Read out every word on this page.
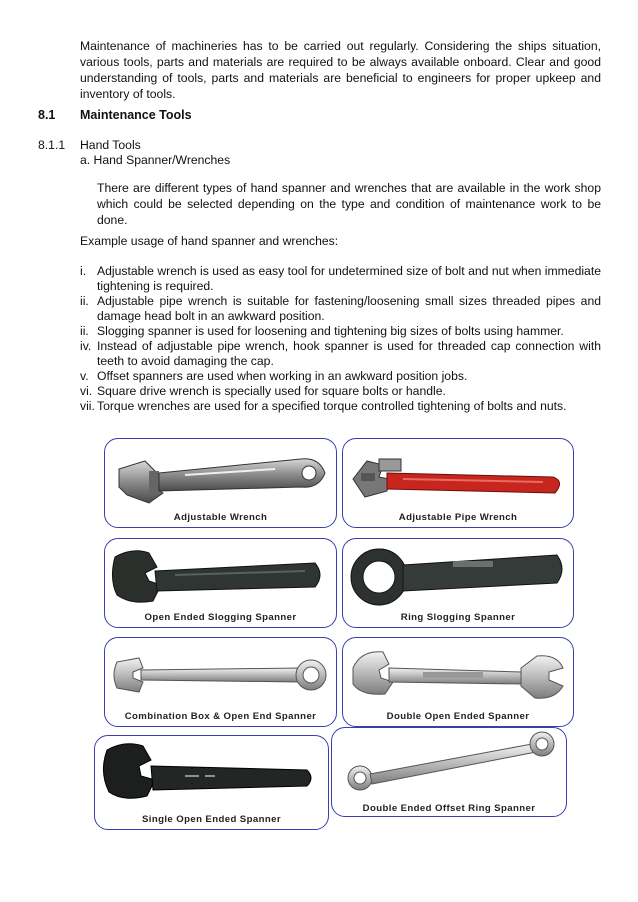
Maintenance of machineries has to be carried out regularly. Considering the ships situation, various tools, parts and materials are required to be always available onboard. Clear and good understanding of tools, parts and materials are beneficial to engineers for proper upkeep and inventory of tools.
8.1 Maintenance Tools
8.1.1 Hand Tools
a. Hand Spanner/Wrenches
There are different types of hand spanner and wrenches that are available in the work shop which could be selected depending on the type and condition of maintenance work to be done.
Example usage of hand spanner and wrenches:
i. Adjustable wrench is used as easy tool for undetermined size of bolt and nut when immediate tightening is required.
ii. Adjustable pipe wrench is suitable for fastening/loosening small sizes threaded pipes and damage head bolt in an awkward position.
ii. Slogging spanner is used for loosening and tightening big sizes of bolts using hammer.
iv. Instead of adjustable pipe wrench, hook spanner is used for threaded cap connection with teeth to avoid damaging the cap.
v. Offset spanners are used when working in an awkward position jobs.
vi. Square drive wrench is specially used for square bolts or handle.
vii. Torque wrenches are used for a specified torque controlled tightening of bolts and nuts.
Adjustable Wrench	Adjustable Pipe Wrench
Open Ended Slogging Spanner	Ring Slogging Spanner
Combination Box & Open End Spanner	Double Open Ended Spanner
Single Open Ended Spanner
Double Ended Offset Ring Spanner
